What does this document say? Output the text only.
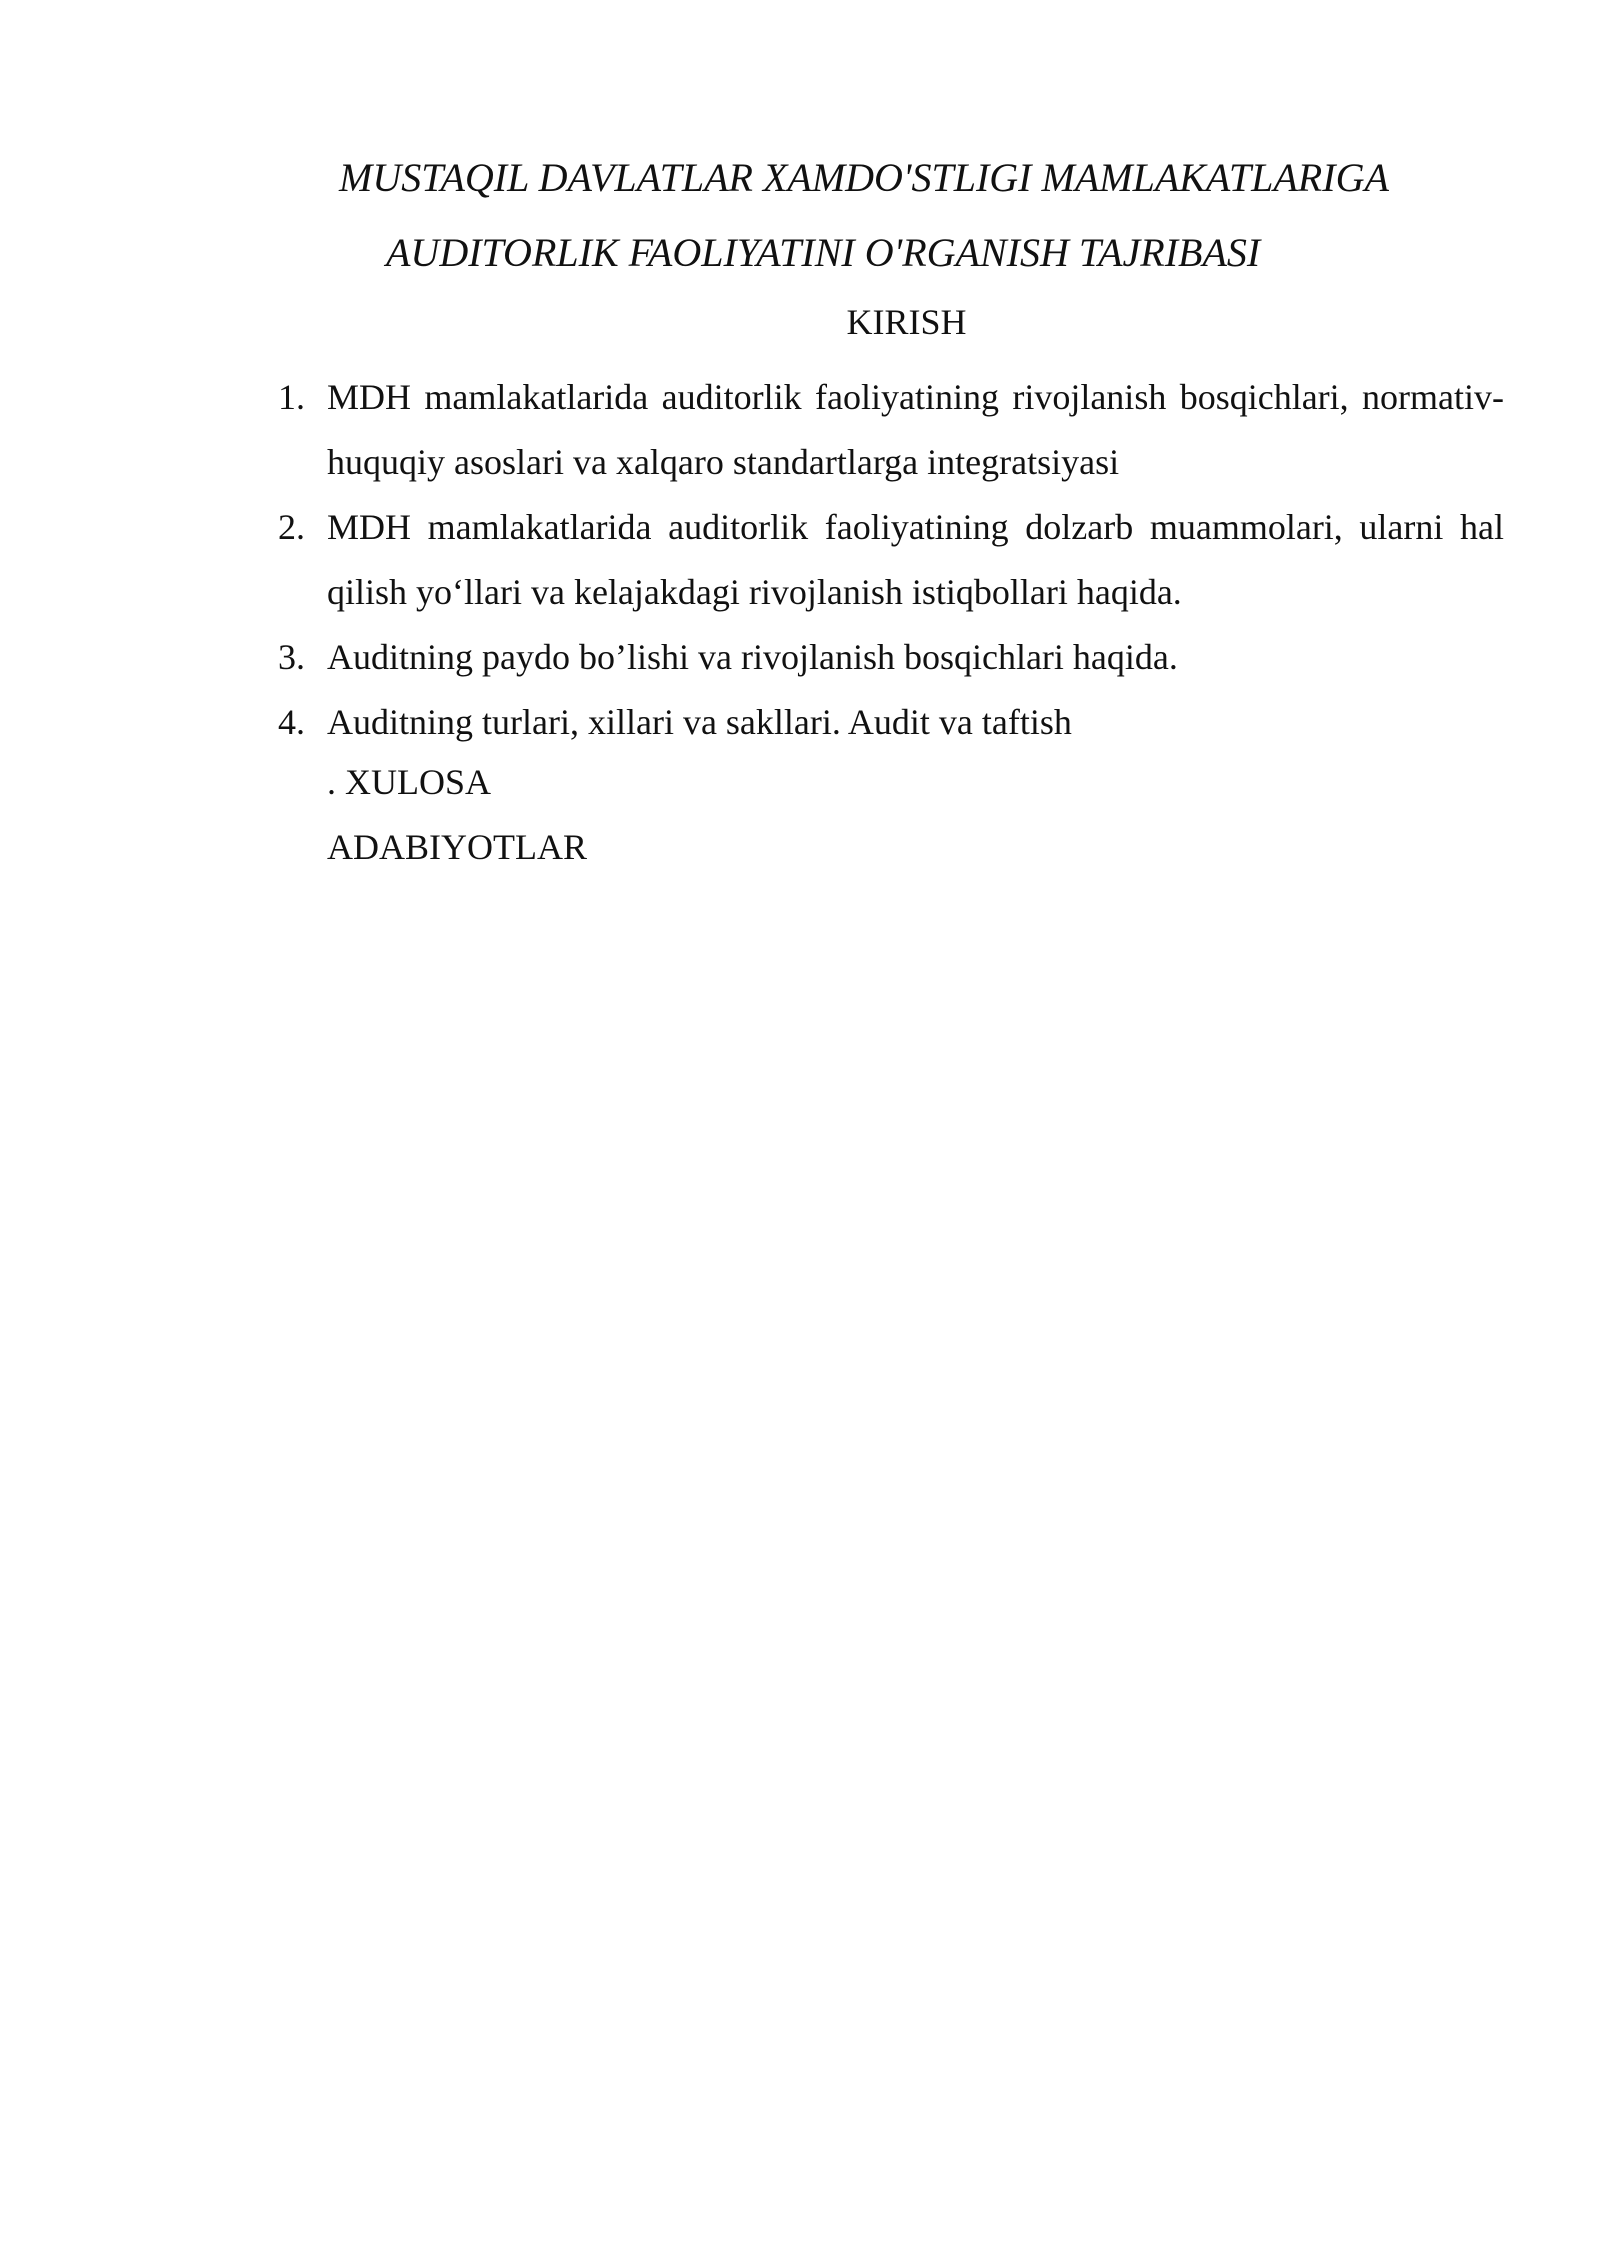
MUSTAQIL DAVLATLAR XAMDO'STLIGI MAMLAKATLARIGA
AUDITORLIK FAOLIYATINI O'RGANISH TAJRIBASI
KIRISH
1. MDH mamlakatlarida auditorlik faoliyatining rivojlanish bosqichlari, normativ-huquqiy asoslari va xalqaro standartlarga integratsiyasi
2. MDH mamlakatlarida auditorlik faoliyatining dolzarb muammolari, ularni hal qilish yo‘llari va kelajakdagi rivojlanish istiqbollari haqida.
3. Auditning paydo bo’lishi va rivojlanish bosqichlari haqida.
4. Auditning turlari, xillari va sakllari. Audit va taftish

. XULOSA

ADABIYOTLAR
